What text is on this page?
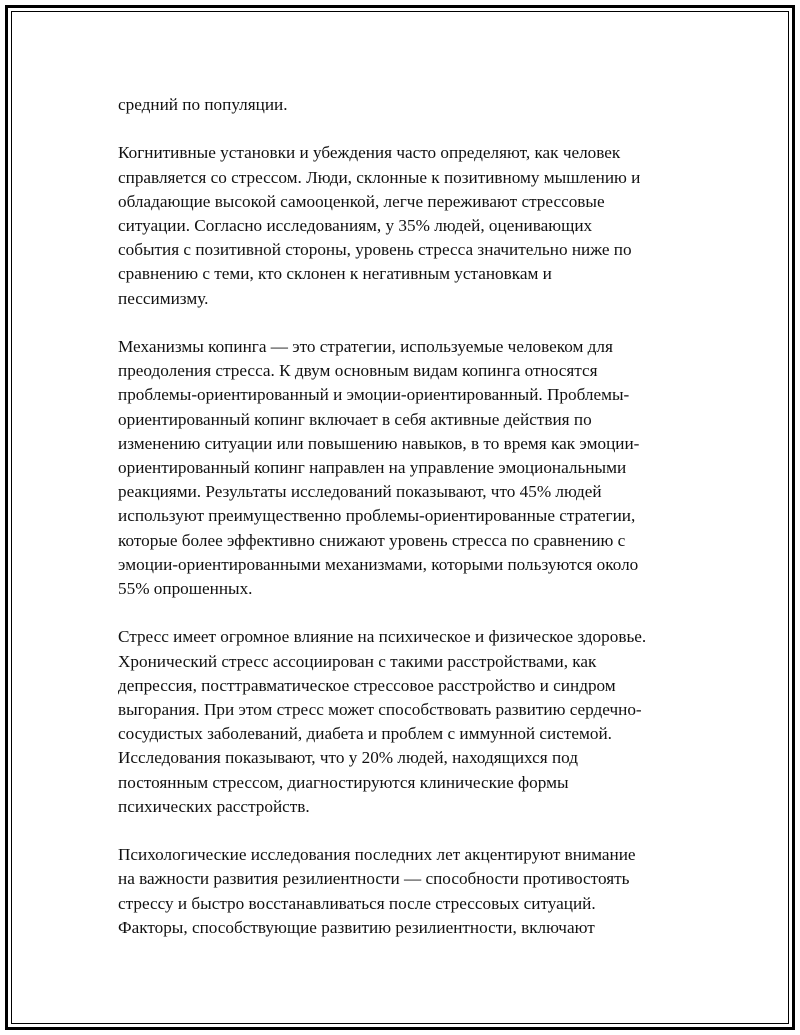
средний по популяции.

Когнитивные установки и убеждения часто определяют, как человек
справляется со стрессом. Люди, склонные к позитивному мышлению и
обладающие высокой самооценкой, легче переживают стрессовые
ситуации. Согласно исследованиям, у 35% людей, оценивающих
события с позитивной стороны, уровень стресса значительно ниже по
сравнению с теми, кто склонен к негативным установкам и
пессимизму.

Механизмы копинга — это стратегии, используемые человеком для
преодоления стресса. К двум основным видам копинга относятся
проблемы-ориентированный и эмоции-ориентированный. Проблемы-
ориентированный копинг включает в себя активные действия по
изменению ситуации или повышению навыков, в то время как эмоции-
ориентированный копинг направлен на управление эмоциональными
реакциями. Результаты исследований показывают, что 45% людей
используют преимущественно проблемы-ориентированные стратегии,
которые более эффективно снижают уровень стресса по сравнению с
эмоции-ориентированными механизмами, которыми пользуются около
55% опрошенных.

Стресс имеет огромное влияние на психическое и физическое здоровье.
Хронический стресс ассоциирован с такими расстройствами, как
депрессия, посттравматическое стрессовое расстройство и синдром
выгорания. При этом стресс может способствовать развитию сердечно-
сосудистых заболеваний, диабета и проблем с иммунной системой.
Исследования показывают, что у 20% людей, находящихся под
постоянным стрессом, диагностируются клинические формы
психических расстройств.

Психологические исследования последних лет акцентируют внимание
на важности развития резилиентности — способности противостоять
стрессу и быстро восстанавливаться после стрессовых ситуаций.
Факторы, способствующие развитию резилиентности, включают
